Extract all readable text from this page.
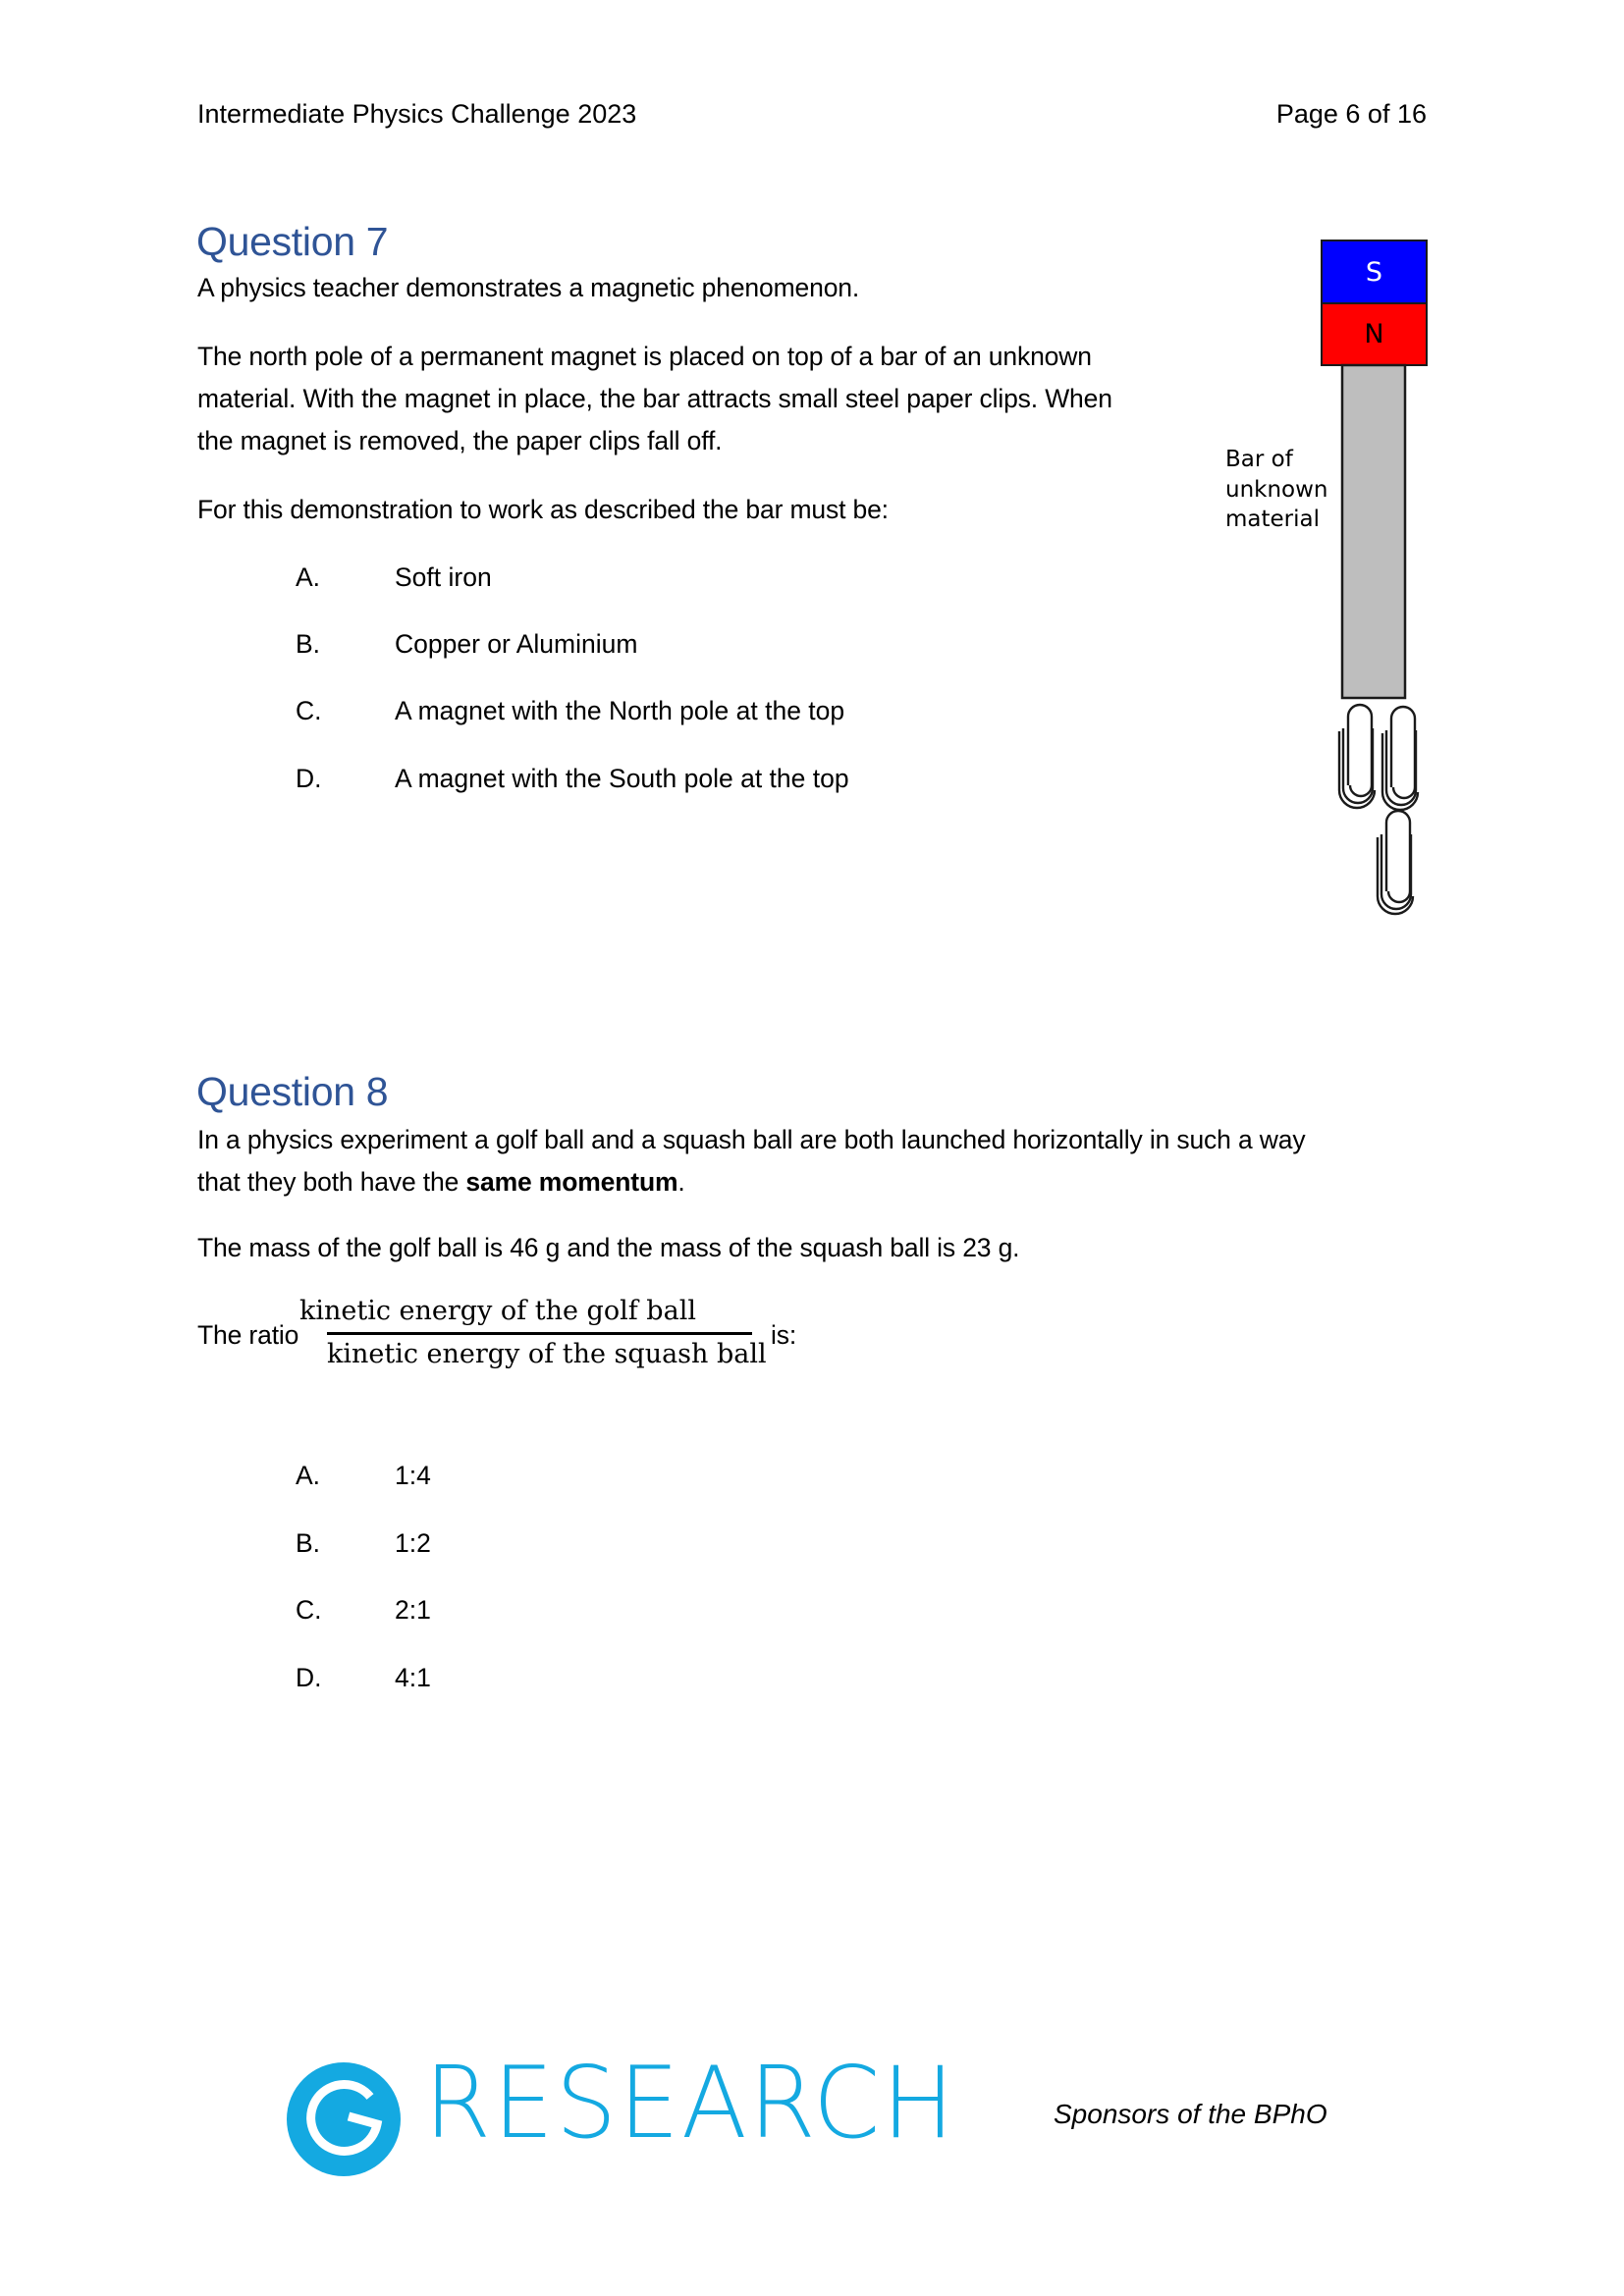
Intermediate Physics Challenge 2023	Page 6 of 16
Question 7
A physics teacher demonstrates a magnetic phenomenon.
The north pole of a permanent magnet is placed on top of a bar of an unknown
material. With the magnet in place, the bar attracts small steel paper clips. When
the magnet is removed, the paper clips fall off.
For this demonstration to work as described the bar must be:
A.	Soft iron
B.	Copper or Aluminium
C.	A magnet with the North pole at the top
D.	A magnet with the South pole at the top
S
N
Bar of
unknown
material
Question 8
In a physics experiment a golf ball and a squash ball are both launched horizontally in such a way
that they both have the same momentum.
The mass of the golf ball is 46 g and the mass of the squash ball is 23 g.
The ratio
kinetic energy of the golf ball
kinetic energy of the squash ball
is:
A.	1:4
B.	1:2
C.	2:1
D.	4:1
RESEARCH	Sponsors of the BPhO
